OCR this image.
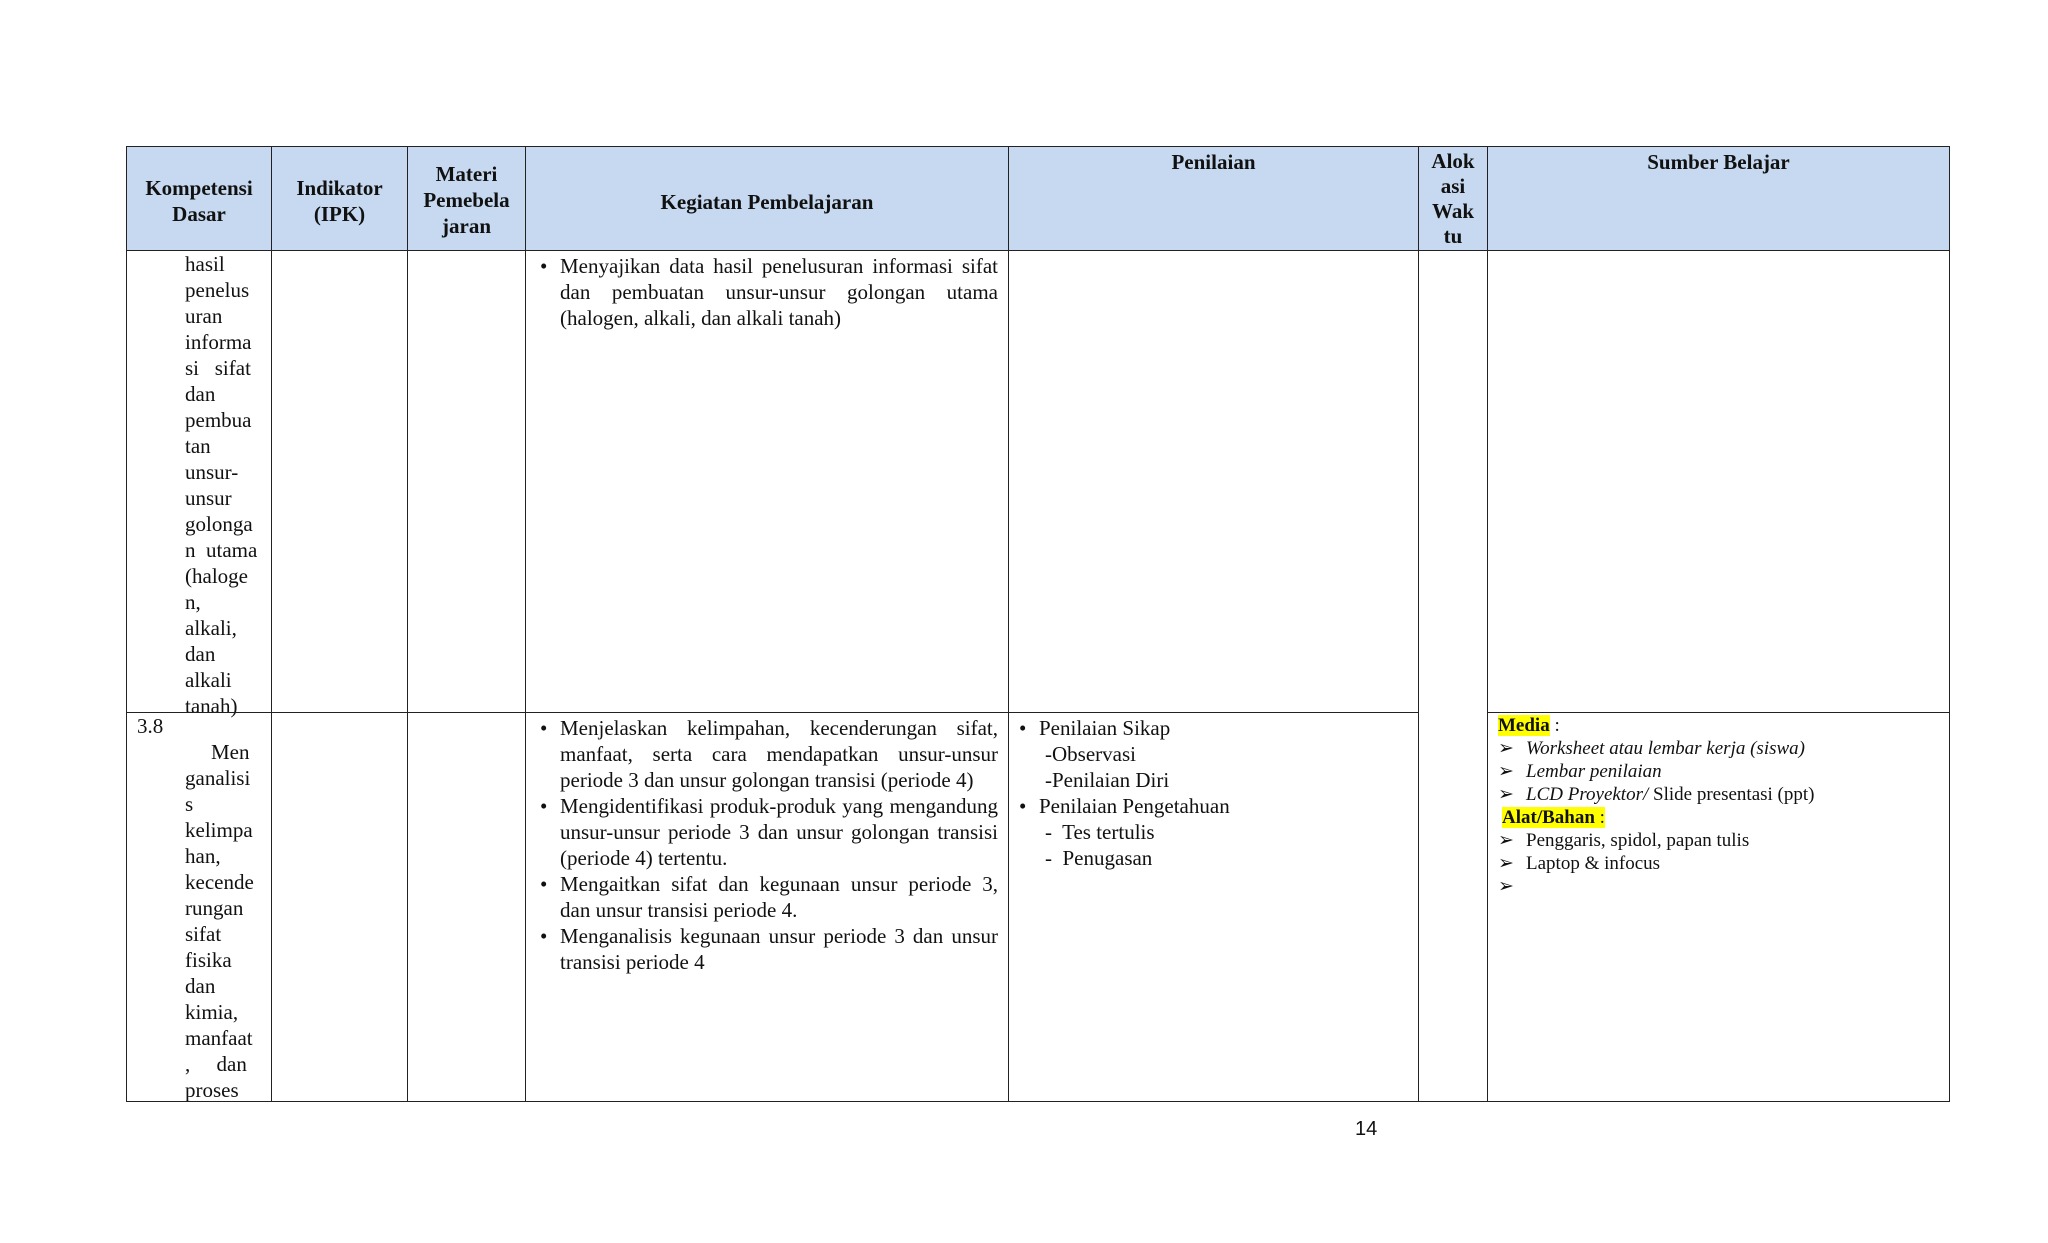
Kompetensi
Dasar
Indikator
(IPK)
Materi
Pemebela
jaran
Kegiatan Pembelajaran
Penilaian	Alok
asi
Wak
tu
Sumber Belajar
hasil
penelus
uran
informa
si   sifat
dan
pembua
tan
unsur-
unsur
golonga
n  utama
(haloge
n,
alkali,
dan
alkali
tanah)
• Menyajikan data hasil penelusuran informasi sifat dan pembuatan unsur-unsur golongan utama (halogen, alkali, dan alkali tanah)
3.8
Men
ganalisi
s
kelimpa
han,
kecende
rungan
sifat
fisika
dan
kimia,
manfaat
,     dan
proses
• Menjelaskan kelimpahan, kecenderungan sifat, manfaat, serta cara mendapatkan unsur-unsur periode 3 dan unsur golongan transisi (periode 4)
• Mengidentifikasi produk-produk yang mengandung unsur-unsur periode 3 dan unsur golongan transisi (periode 4) tertentu.
• Mengaitkan sifat dan kegunaan unsur periode 3, dan unsur transisi periode 4.
• Menganalisis kegunaan unsur periode 3 dan unsur transisi periode 4
• Penilaian Sikap
-Observasi
-Penilaian Diri
• Penilaian Pengetahuan
-  Tes tertulis
-  Penugasan
Media :
➢ Worksheet atau lembar kerja (siswa)
➢ Lembar penilaian
➢ LCD Proyektor/ Slide presentasi (ppt)
Alat/Bahan :
➢ Penggaris, spidol, papan tulis
➢ Laptop & infocus
➢
14
